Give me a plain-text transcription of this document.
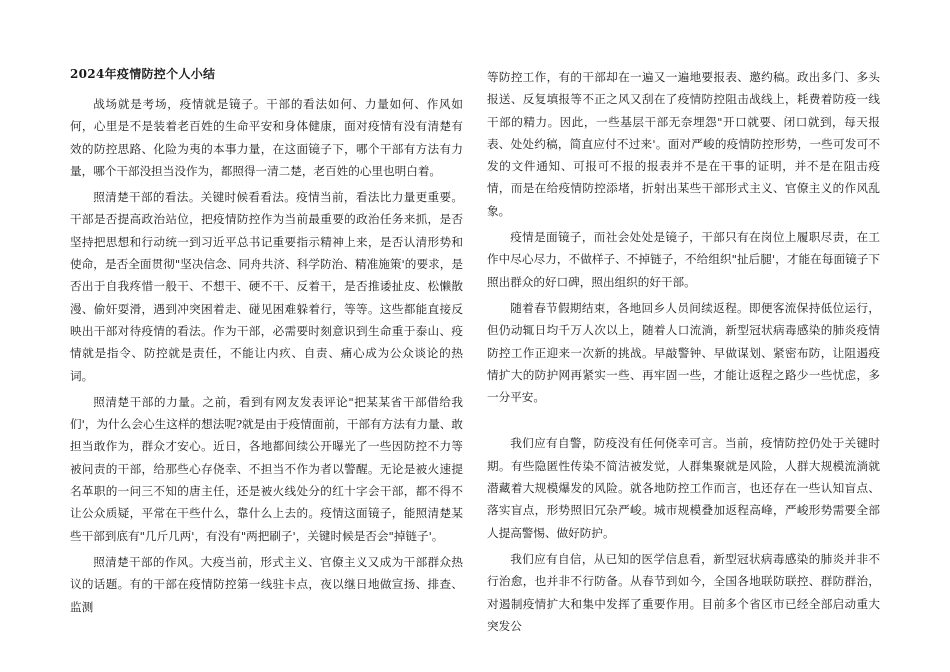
2024年疫情防控个人小结

战场就是考场，疫情就是镜子。干部的看法如何、力量如何、作风如何，心里是不是装着老百姓的生命平安和身体健康，面对疫情有没有清楚有效的防控思路、化险为夷的本事力量，在这面镜子下，哪个干部有方法有力量，哪个干部没担当没作为，都照得一清二楚，老百姓的心里也明白着。

照清楚干部的看法。关键时候看看法。疫情当前，看法比力量更重要。干部是否提高政治站位，把疫情防控作为当前最重要的政治任务来抓，是否坚持把思想和行动统一到习近平总书记重要指示精神上来，是否认清形势和使命，是否全面贯彻"坚决信念、同舟共济、科学防治、精准施策'的要求，是否出于自我疼惜一般干、不想干、硬不干、反着干，是否推诿扯皮、松懒散漫、偷奸耍滑，遇到冲突困着走、碰见困难躲着行，等等。这些都能直接反映出干部对待疫情的看法。作为干部，必需要时刻意识到生命重于泰山、疫情就是指令、防控就是责任，不能让内疚、自责、痛心成为公众谈论的热词。

照清楚干部的力量。之前，看到有网友发表评论"把某某省干部借给我们'，为什么会心生这样的想法呢?就是由于疫情面前，干部有方法有力量、敢担当敢作为，群众才安心。近日，各地都间续公开曝光了一些因防控不力等被问责的干部，给那些心存侥幸、不担当不作为者以警醒。无论是被火速提名革职的一问三不知的唐主任，还是被火线处分的红十字会干部，都不得不让公众质疑，平常在干些什么，靠什么上去的。疫情这面镜子，能照清楚某些干部到底有"几斤几两'，有没有"两把刷子'，关键时候是否会"掉链子'。

照清楚干部的作风。大疫当前，形式主义、官僚主义又成为干部群众热议的话题。有的干部在疫情防控第一线驻卡点，夜以继日地做宣扬、排查、监测

等防控工作，有的干部却在一遍又一遍地要报表、邀约稿。政出多门、多头报送、反复填报等不正之风又刮在了疫情防控阻击战线上，耗费着防疫一线干部的精力。因此，一些基层干部无奈埋怨"开口就要、闭口就到，每天报表、处处约稿，简直应付不过来'。面对严峻的疫情防控形势，一些可发可不发的文件通知、可报可不报的报表并不是在干事的证明，并不是在阻击疫情，而是在给疫情防控添堵，折射出某些干部形式主义、官僚主义的作风乱象。

疫情是面镜子，而社会处处是镜子，干部只有在岗位上履职尽责，在工作中尽心尽力，不做样子、不掉链子，不给组织"扯后腿'，才能在每面镜子下照出群众的好口碑，照出组织的好干部。

随着春节假期结束，各地回乡人员间续返程。即便客流保持低位运行，但仍动辄日均千万人次以上，随着人口流淌，新型冠状病毒感染的肺炎疫情防控工作正迎来一次新的挑战。早敲警钟、早做谋划、紧密布防，让阻遏疫情扩大的防护网再紧实一些、再牢固一些，才能让返程之路少一些忧虑，多一分平安。

我们应有自警，防疫没有任何侥幸可言。当前，疫情防控仍处于关键时期。有些隐匿性传染不简洁被发觉，人群集聚就是风险，人群大规模流淌就潜藏着大规模爆发的风险。就各地防控工作而言，也还存在一些认知盲点、落实盲点，形势照旧冗杂严峻。城市规模叠加返程高峰，严峻形势需要全部人提高警惕、做好防护。

我们应有自信，从已知的医学信息看，新型冠状病毒感染的肺炎并非不行治愈，也并非不行防备。从春节到如今，全国各地联防联控、群防群治，对遏制疫情扩大和集中发挥了重要作用。目前多个省区市已经全部启动重大突发公
